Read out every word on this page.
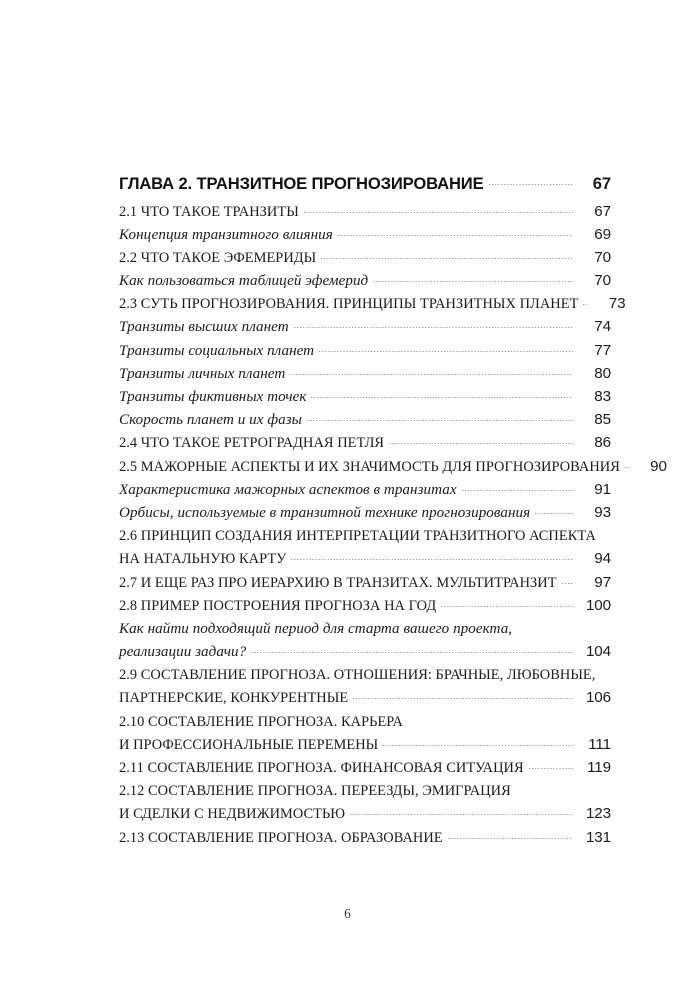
ГЛАВА 2. ТРАНЗИТНОЕ ПРОГНОЗИРОВАНИЕ	67
2.1 ЧТО ТАКОЕ ТРАНЗИТЫ	67
Концепция транзитного влияния	69
2.2 ЧТО ТАКОЕ ЭФЕМЕРИДЫ	70
Как пользоваться таблицей эфемерид	70
2.3 СУТЬ ПРОГНОЗИРОВАНИЯ. ПРИНЦИПЫ ТРАНЗИТНЫХ ПЛАНЕТ	73
Транзиты высших планет	74
Транзиты социальных планет	77
Транзиты личных планет	80
Транзиты фиктивных точек	83
Скорость планет и их фазы	85
2.4 ЧТО ТАКОЕ РЕТРОГРАДНАЯ ПЕТЛЯ	86
2.5 МАЖОРНЫЕ АСПЕКТЫ И ИХ ЗНАЧИМОСТЬ ДЛЯ ПРОГНОЗИРОВАНИЯ	90
Характеристика мажорных аспектов в транзитах	91
Орбисы, используемые в транзитной технике прогнозирования	93
2.6 ПРИНЦИП СОЗДАНИЯ ИНТЕРПРЕТАЦИИ ТРАНЗИТНОГО АСПЕКТА
НА НАТАЛЬНУЮ КАРТУ	94
2.7 И ЕЩЕ РАЗ ПРО ИЕРАРХИЮ В ТРАНЗИТАХ. МУЛЬТИТРАНЗИТ	97
2.8 ПРИМЕР ПОСТРОЕНИЯ ПРОГНОЗА НА ГОД	100
Как найти подходящий период для старта вашего проекта,
реализации задачи?	104
2.9 СОСТАВЛЕНИЕ ПРОГНОЗА. ОТНОШЕНИЯ: БРАЧНЫЕ, ЛЮБОВНЫЕ,
ПАРТНЕРСКИЕ, КОНКУРЕНТНЫЕ	106
2.10 СОСТАВЛЕНИЕ ПРОГНОЗА. КАРЬЕРА
И ПРОФЕССИОНАЛЬНЫЕ ПЕРЕМЕНЫ	111
2.11 СОСТАВЛЕНИЕ ПРОГНОЗА. ФИНАНСОВАЯ СИТУАЦИЯ	119
2.12 СОСТАВЛЕНИЕ ПРОГНОЗА. ПЕРЕЕЗДЫ, ЭМИГРАЦИЯ
И СДЕЛКИ С НЕДВИЖИМОСТЬЮ	123
2.13 СОСТАВЛЕНИЕ ПРОГНОЗА. ОБРАЗОВАНИЕ	131
6
